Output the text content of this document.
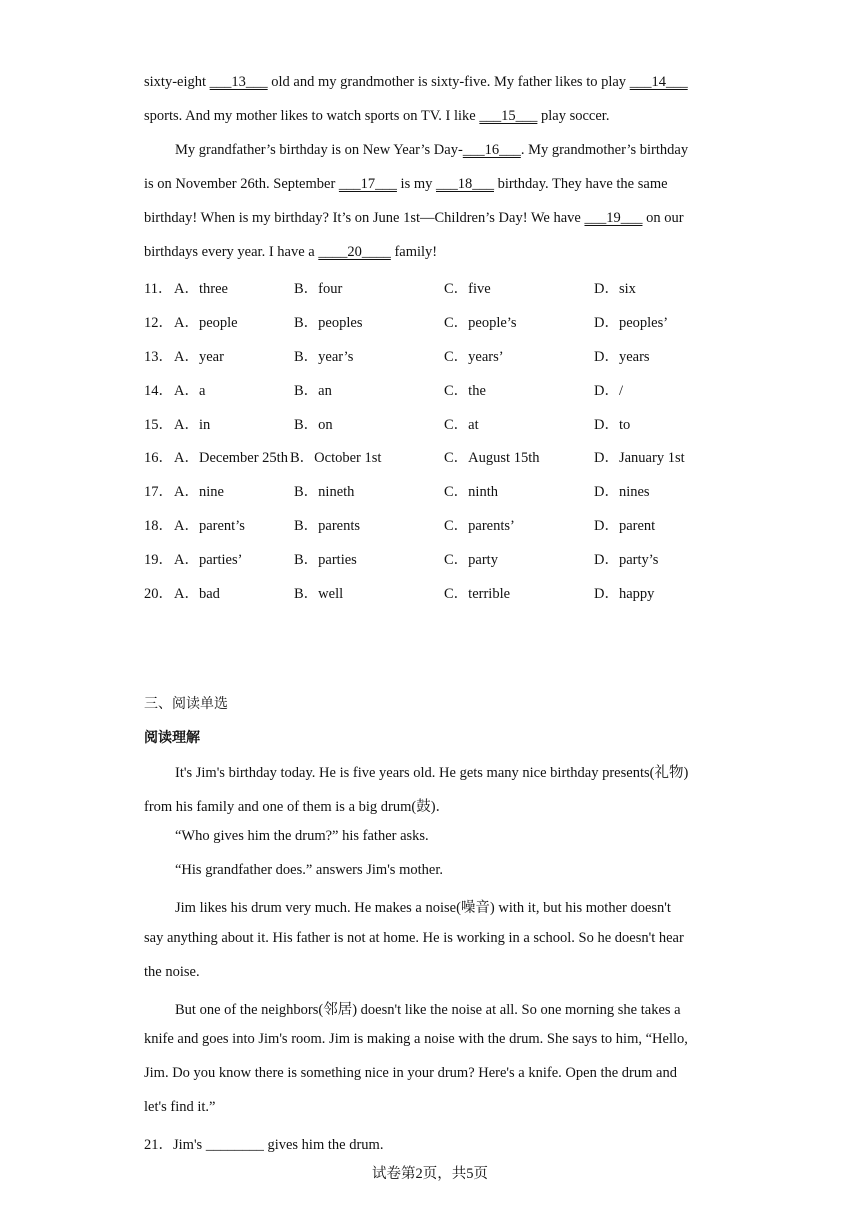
sixty-eight ___13___ old and my grandmother is sixty-five. My father likes to play ___14___
sports. And my mother likes to watch sports on TV. I like ___15___ play soccer.
My grandfather’s birthday is on New Year’s Day-___16___. My grandmother’s birthday
is on November 26th. September ___17___ is my ___18___ birthday. They have the same
birthday! When is my birthday? It’s on June 1st—Children’s Day! We have ___19___ on our
birthdays every year. I have a ____20____ family!
11． A．three	B．four	C．five	D．six
12． A．people	B．peoples	C．people’s	D．peoples’
13． A．year	B．year’s	C．years’	D．years
14． A．a	B．an	C．the	D．/
15． A．in	B．on	C．at	D．to
16． A．December 25th B．October 1st	C．August 15th	D．January 1st
17． A．nine	B．nineth	C．ninth	D．nines
18． A．parent’s	B．parents	C．parents’	D．parent
19． A．parties’	B．parties	C．party	D．party’s
20． A．bad	B．well	C．terrible	D．happy
三、阅读单选
阅读理解
It's Jim's birthday today. He is five years old. He gets many nice birthday presents(礼物)
from his family and one of them is a big drum(鼓)．
“Who gives him the drum?” his father asks.
“His grandfather does.” answers Jim's mother.
Jim likes his drum very much. He makes a noise(噪音) with it, but his mother doesn't
say anything about it. His father is not at home. He is working in a school. So he doesn't hear
the noise.
But one of the neighbors(邻居) doesn't like the noise at all. So one morning she takes a
knife and goes into Jim's room. Jim is making a noise with the drum. She says to him, “Hello,
Jim. Do you know there is something nice in your drum? Here's a knife. Open the drum and
let's find it.”
21．Jim's ________ gives him the drum.
试卷第2页，共5页
